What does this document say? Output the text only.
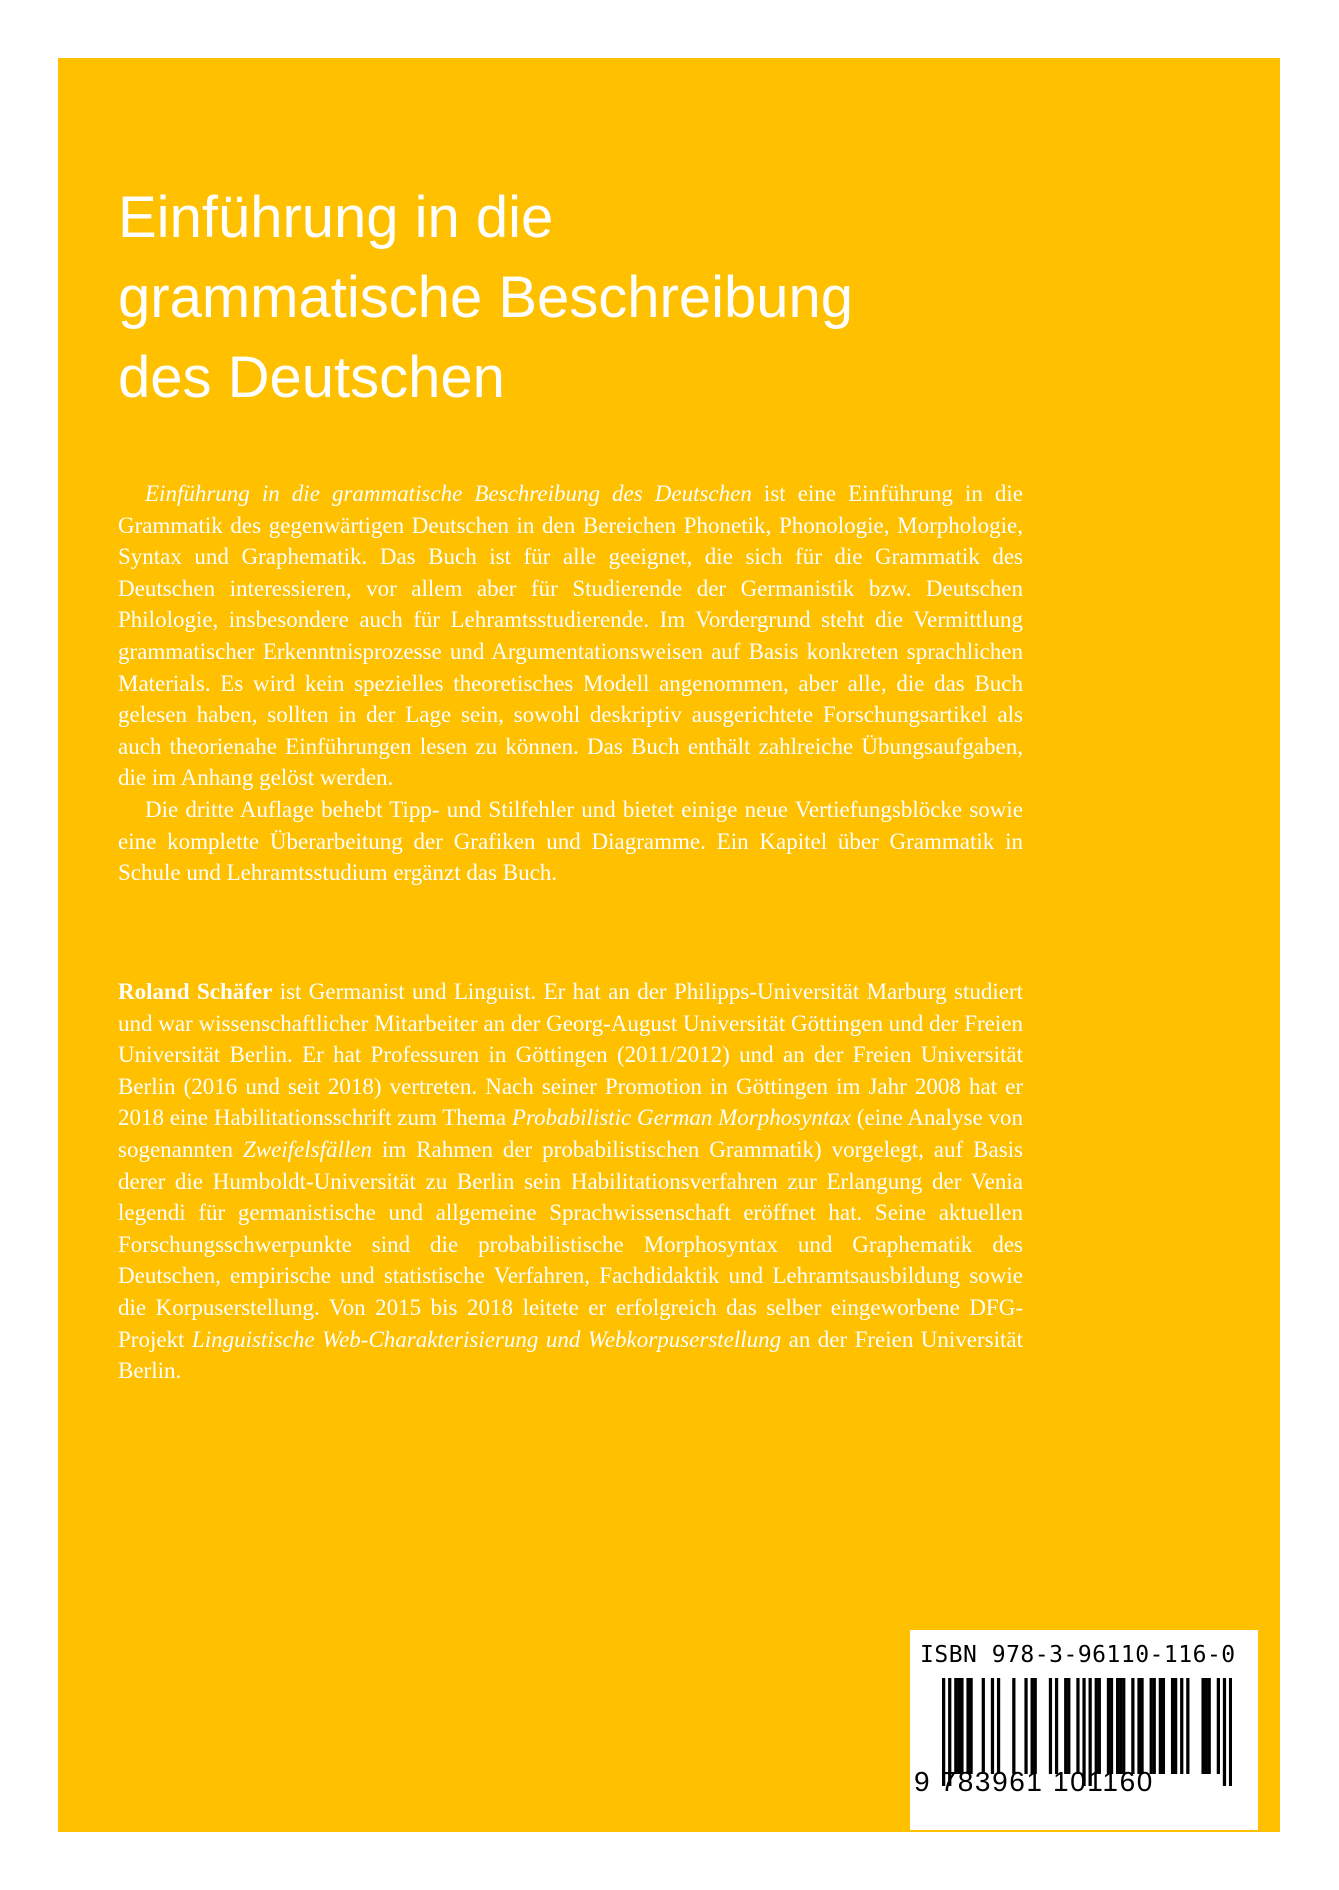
Einführung in die
grammatische Beschreibung
des Deutschen

Einführung in die grammatische Beschreibung des Deutschen ist eine Einführung in die Grammatik des gegenwärtigen Deutschen in den Bereichen Phonetik, Phonologie, Morphologie, Syntax und Graphematik. Das Buch ist für alle geeignet, die sich für die Grammatik des Deutschen interessieren, vor allem aber für Studierende der Germanistik bzw. Deutschen Philologie, insbesondere auch für Lehramtsstudierende. Im Vordergrund steht die Vermittlung grammatischer Erkenntnisprozesse und Argumentationsweisen auf Basis konkreten sprachlichen Materials. Es wird kein spezielles theoretisches Modell angenommen, aber alle, die das Buch gelesen haben, sollten in der Lage sein, sowohl deskriptiv ausgerichtete Forschungsartikel als auch theorienahe Einführungen lesen zu können. Das Buch enthält zahlreiche Übungsaufgaben, die im Anhang gelöst werden.

Die dritte Auflage behebt Tipp- und Stilfehler und bietet einige neue Vertiefungsblöcke sowie eine komplette Überarbeitung der Grafiken und Diagramme. Ein Kapitel über Grammatik in Schule und Lehramtsstudium ergänzt das Buch.

Roland Schäfer ist Germanist und Linguist. Er hat an der Philipps-Universität Marburg studiert und war wissenschaftlicher Mitarbeiter an der Georg-August Universität Göttingen und der Freien Universität Berlin. Er hat Professuren in Göttingen (2011/2012) und an der Freien Universität Berlin (2016 und seit 2018) vertreten. Nach seiner Promotion in Göttingen im Jahr 2008 hat er 2018 eine Habilitationsschrift zum Thema Probabilistic German Morphosyntax (eine Analyse von sogenannten Zweifelsfällen im Rahmen der probabilistischen Grammatik) vorgelegt, auf Basis derer die Humboldt-Universität zu Berlin sein Habilitationsverfahren zur Erlangung der Venia legendi für germanistische und allgemeine Sprachwissenschaft eröffnet hat. Seine aktuellen Forschungsschwerpunkte sind die probabilistische Morphosyntax und Graphematik des Deutschen, empirische und statistische Verfahren, Fachdidaktik und Lehramtsausbildung sowie die Korpuserstellung. Von 2015 bis 2018 leitete er erfolgreich das selber eingeworbene DFG-Projekt Linguistische Web-Charakterisierung und Webkorpuserstellung an der Freien Universität Berlin.

ISBN 978-3-96110-116-0
9 783961 101160
